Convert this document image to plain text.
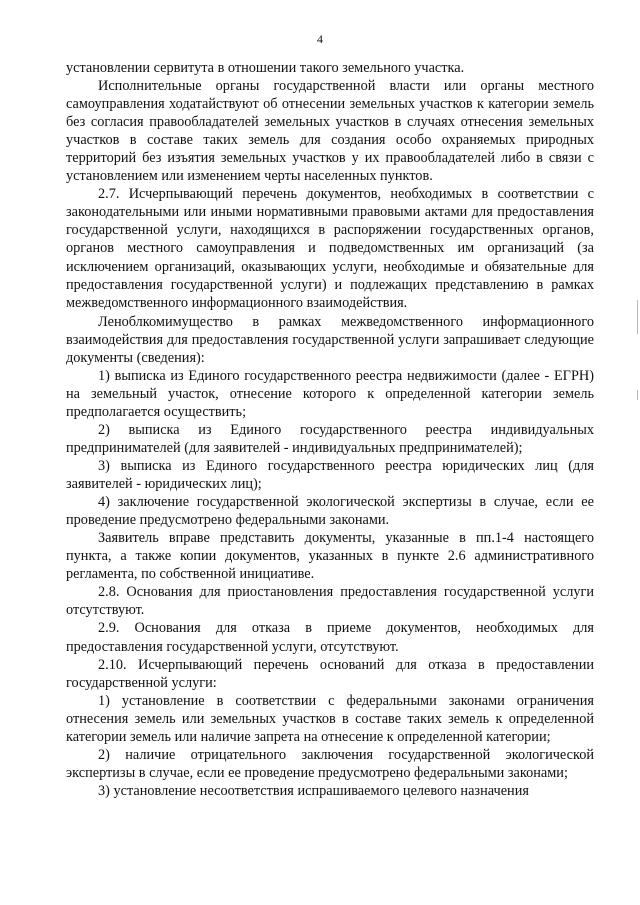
4

установлении сервитута в отношении такого земельного участка.

Исполнительные органы государственной власти или органы местного самоуправления ходатайствуют об отнесении земельных участков к категории земель без согласия правообладателей земельных участков в случаях отнесения земельных участков в составе таких земель для создания особо охраняемых природных территорий без изъятия земельных участков у их правообладателей либо в связи с установлением или изменением черты населенных пунктов.

2.7. Исчерпывающий перечень документов, необходимых в соответствии с законодательными или иными нормативными правовыми актами для предоставления государственной услуги, находящихся в распоряжении государственных органов, органов местного самоуправления и подведомственных им организаций (за исключением организаций, оказывающих услуги, необходимые и обязательные для предоставления государственной услуги) и подлежащих представлению в рамках межведомственного информационного взаимодействия.

Леноблкомимущество в рамках межведомственного информационного взаимодействия для предоставления государственной услуги запрашивает следующие документы (сведения):

1) выписка из Единого государственного реестра недвижимости (далее - ЕГРН) на земельный участок, отнесение которого к определенной категории земель предполагается осуществить;

2) выписка из Единого государственного реестра индивидуальных предпринимателей (для заявителей - индивидуальных предпринимателей);

3) выписка из Единого государственного реестра юридических лиц (для заявителей - юридических лиц);

4) заключение государственной экологической экспертизы в случае, если ее проведение предусмотрено федеральными законами.

Заявитель вправе представить документы, указанные в пп.1-4 настоящего пункта, а также копии документов, указанных в пункте 2.6 административного регламента, по собственной инициативе.

2.8. Основания для приостановления предоставления государственной услуги отсутствуют.

2.9. Основания для отказа в приеме документов, необходимых для предоставления государственной услуги, отсутствуют.

2.10. Исчерпывающий перечень оснований для отказа в предоставлении государственной услуги:

1) установление в соответствии с федеральными законами ограничения отнесения земель или земельных участков в составе таких земель к определенной категории земель или наличие запрета на отнесение к определенной категории;

2) наличие отрицательного заключения государственной экологической экспертизы в случае, если ее проведение предусмотрено федеральными законами;

3) установление несоответствия испрашиваемого целевого назначения
